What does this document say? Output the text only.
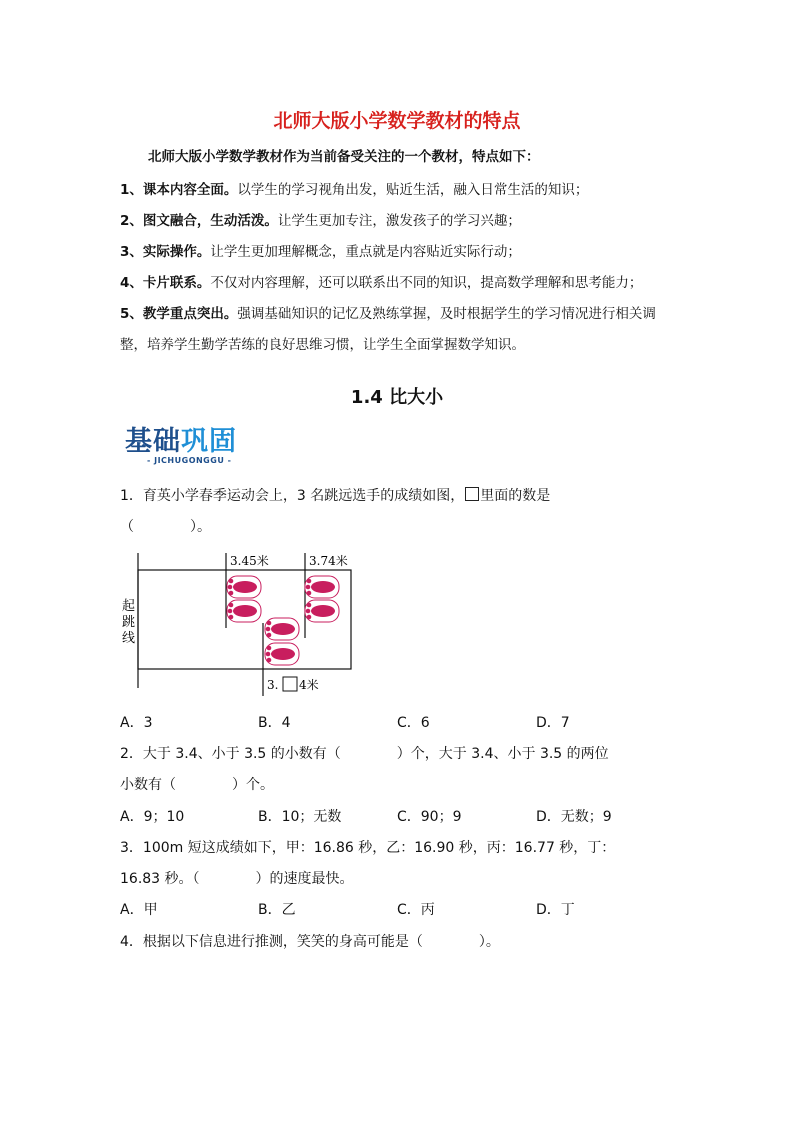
北师大版小学数学教材的特点
北师大版小学数学教材作为当前备受关注的一个教材，特点如下：
1、课本内容全面。以学生的学习视角出发，贴近生活，融入日常生活的知识；
2、图文融合，生动活泼。让学生更加专注，激发孩子的学习兴趣；
3、实际操作。让学生更加理解概念，重点就是内容贴近实际行动；
4、卡片联系。不仅对内容理解，还可以联系出不同的知识，提高数学理解和思考能力；
5、教学重点突出。强调基础知识的记忆及熟练掌握，及时根据学生的学习情况进行相关调
整，培养学生勤学苦练的良好思维习惯，让学生全面掌握数学知识。
1.4 比大小
基础巩固
- JICHUGONGGU -
1．育英小学春季运动会上，3 名跳远选手的成绩如图， 里面的数是
（　　　　）。
起
跳
线
3.45米	3.74米
3. 4米
A．3	B．4	C．6	D．7
2．大于 3.4、小于 3.5 的小数有（　　　　）个，大于 3.4、小于 3.5 的两位
小数有（　　　　）个。
A．9；10	B．10；无数	C．90；9	D．无数；9
3．100m 短这成绩如下，甲：16.86 秒，乙：16.90 秒，丙：16.77 秒，丁：
16.83 秒。（　　　　）的速度最快。
A．甲	B．乙	C．丙	D．丁
4．根据以下信息进行推测，笑笑的身高可能是（　　　　）。
